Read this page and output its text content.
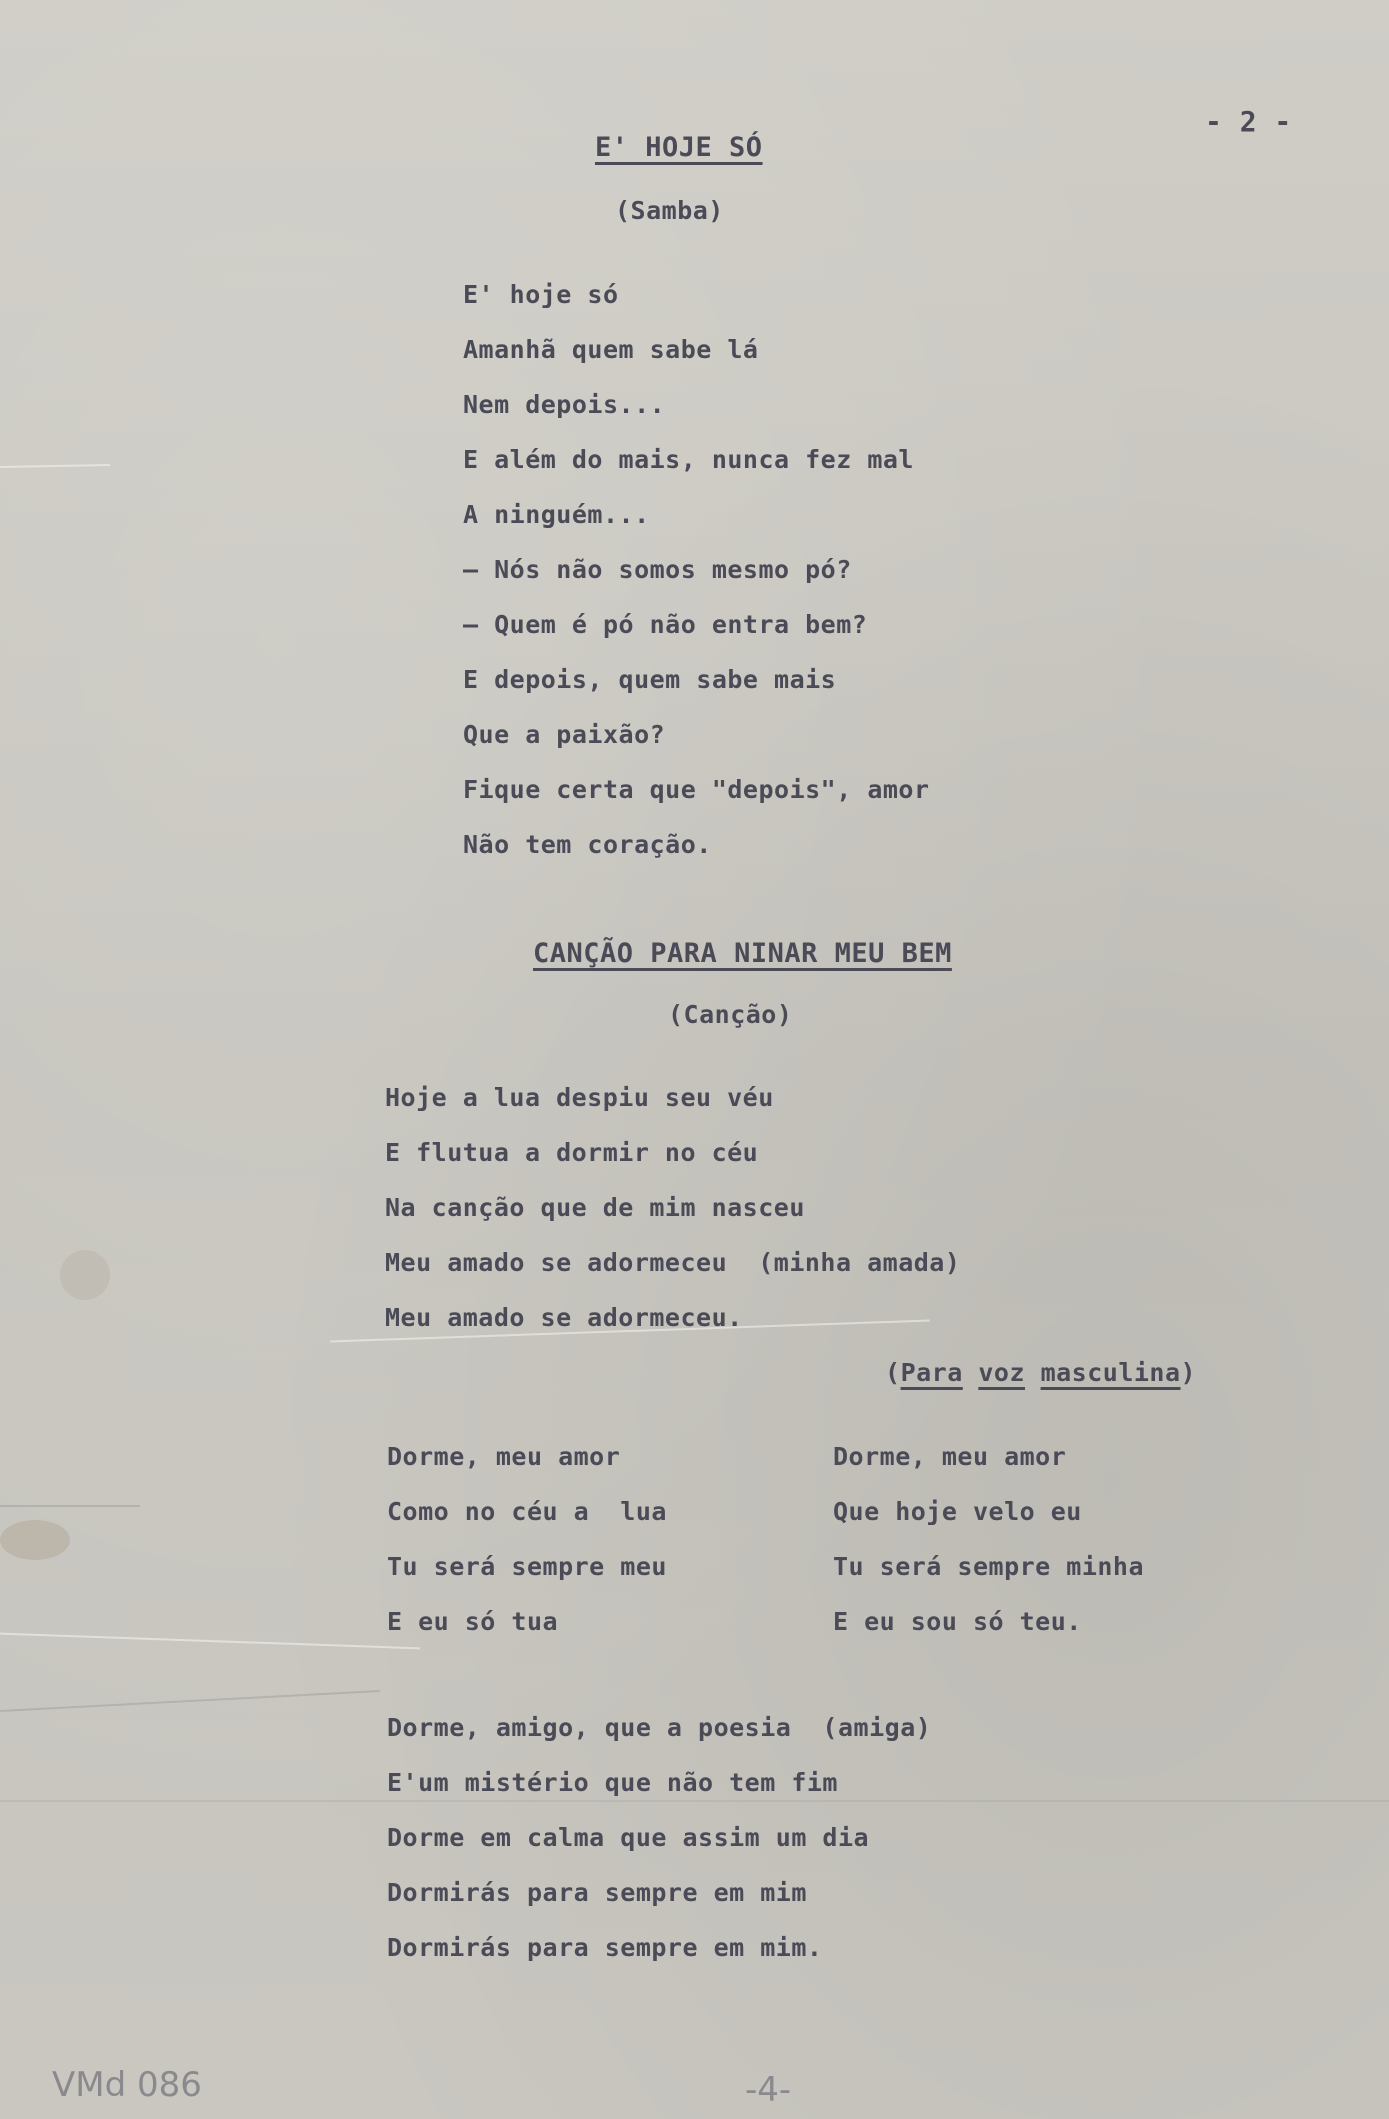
- 2 -
E' HOJE SÓ
(Samba)
E' hoje só
Amanhã quem sabe lá
Nem depois...
E além do mais, nunca fez mal
A ninguém...
— Nós não somos mesmo pó?
— Quem é pó não entra bem?
E depois, quem sabe mais
Que a paixão?
Fique certa que "depois", amor
Não tem coração.
CANÇÃO PARA NINAR MEU BEM
(Canção)
Hoje a lua despiu seu véu
E flutua a dormir no céu
Na canção que de mim nasceu
Meu amado se adormeceu  (minha amada)
Meu amado se adormeceu.
(Para voz masculina)
Dorme, meu amor
Como no céu a  lua
Tu será sempre meu
E eu só tua
Dorme, meu amor
Que hoje velo eu
Tu será sempre minha
E eu sou só teu.
Dorme, amigo, que a poesia  (amiga)
E'um mistério que não tem fim
Dorme em calma que assim um dia
Dormirás para sempre em mim
Dormirás para sempre em mim.
VMd 086	-4-
